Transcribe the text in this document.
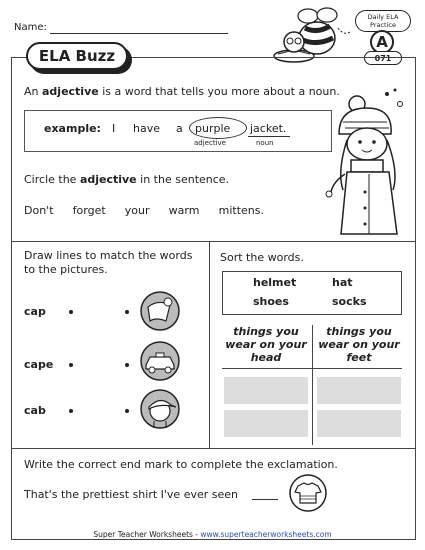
Name:
ELA Buzz
Daily ELA
Practice
A
071
An adjective is a word that tells you more about a noun.
example: I have a purple jacket.
adjective	noun
Circle the adjective in the sentence.
Don't forget your warm mittens.
Draw lines to match the words to the pictures.
cap
cape
cab
Sort the words.
helmet	hat
shoes	socks
things you wear on your head
things you wear on your feet
Write the correct end mark to complete the exclamation.
That's the prettiest shirt I've ever seen
Super Teacher Worksheets - www.superteacherworksheets.com
